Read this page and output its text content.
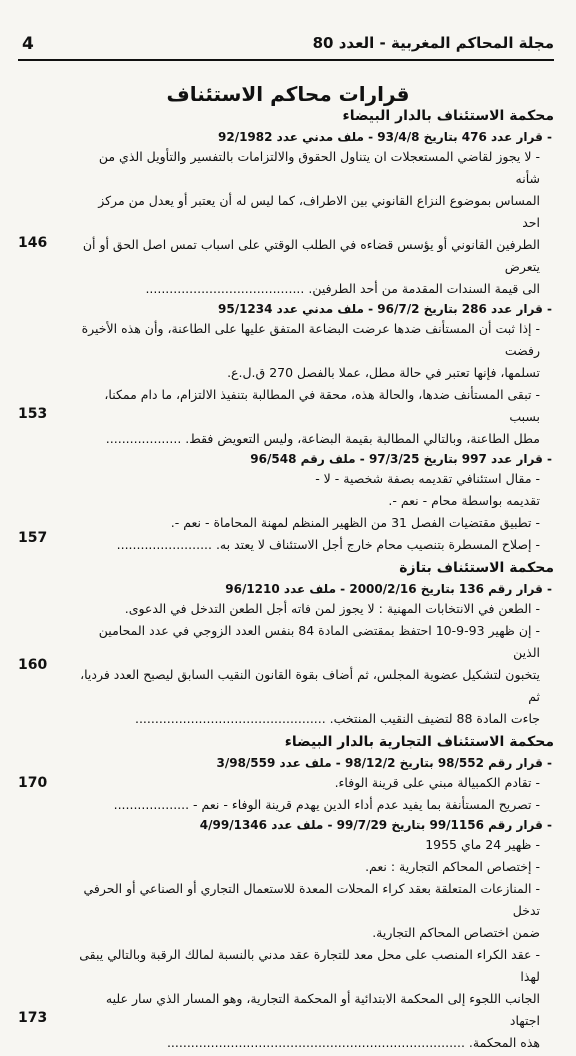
4	مجلة المحاكم المغربية - العدد 80
قرارات محاكم الاستئناف
محكمة الاستئناف بالدار البيضاء
- قرار عدد 476 بتاريخ 93/4/8 - ملف مدني عدد 92/1982
- لا يجوز لقاضي المستعجلات ان يتناول الحقوق والالتزامات بالتفسير والتأويل الذي من شأنه
المساس بموضوع النزاع القانوني بين الاطراف، كما ليس له أن يعتبر أو يعدل من مركز احد
الطرفين القانوني أو يؤسس قضاءه في الطلب الوقتي على اسباب تمس اصل الحق أو أن يتعرض
الى قيمة السندات المقدمة من أحد الطرفين. ........................................
146
- قرار عدد 286 بتاريخ 96/7/2 - ملف مدني عدد 95/1234
- إذا ثبت أن المستأنف ضدها عرضت البضاعة المتفق عليها على الطاعنة، وأن هذه الأخيرة رفضت
تسلمها، فإنها تعتبر في حالة مطل، عملا بالفصل 270 ق.ل.ع.
- تبقى المستأنف ضدها، والحالة هذه، محقة في المطالبة بتنفيذ الالتزام، ما دام ممكنا، بسبب
مطل الطاعنة، وبالتالي المطالبة بقيمة البضاعة، وليس التعويض فقط. ...................
153
- قرار عدد 997 بتاريخ 97/3/25 - ملف رقم 96/548
- مقال استئنافي تقديمه بصفة شخصية - لا -
تقديمه بواسطة محام - نعم -.
- تطبيق مقتضيات الفصل 31 من الظهير المنظم لمهنة المحاماة - نعم -.
- إصلاح المسطرة بتنصيب محام خارج أجل الاستئناف لا يعتد به. ........................
157
محكمة الاستئناف بتازة
- قرار رقم 136 بتاريخ 2000/2/16 - ملف عدد 96/1210
- الطعن في الانتخابات المهنية : لا يجوز لمن فاته أجل الطعن التدخل في الدعوى.
- إن ظهير 93-9-10 احتفظ بمقتضى المادة 84 بنفس العدد الزوجي في عدد المحامين الذين
يتخبون لتشكيل عضوية المجلس، ثم أضاف بقوة القانون النقيب السابق ليصبح العدد فرديا، ثم
جاءت المادة 88 لتضيف النقيب المنتخب. ................................................
160
محكمة الاستئناف التجارية بالدار البيضاء
- قرار رقم 98/552 بتاريخ 98/12/2 - ملف عدد 3/98/559
- تقادم الكمبيالة مبني على قرينة الوفاء.
- تصريح المستأنفة بما يفيد عدم أداء الدين يهدم قرينة الوفاء - نعم - ...................
170
- قرار رقم 99/1156 بتاريخ 99/7/29 - ملف عدد 4/99/1346
- ظهير 24 ماي 1955
- إختصاص المحاكم التجارية : نعم.
- المنازعات المتعلقة بعقد كراء المحلات المعدة للاستعمال التجاري أو الصناعي أو الحرفي تدخل
ضمن اختصاص المحاكم التجارية.
- عقد الكراء المنصب على محل معد للتجارة عقد مدني بالنسبة لمالك الرقبة وبالتالي يبقى لهذا
الجانب اللجوء إلى المحكمة الابتدائية أو المحكمة التجارية، وهو المسار الذي سار عليه اجتهاد
هذه المحكمة. ...........................................................................
173
